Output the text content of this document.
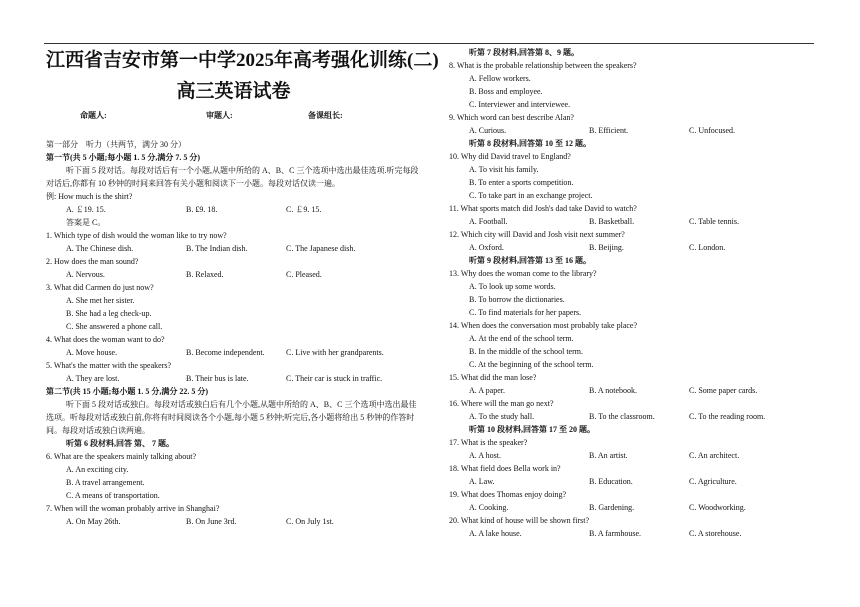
江西省吉安市第一中学2025年高考强化训练(二)
高三英语试卷
命题人:	审题人:	备课组长:
第一部分　听力（共两节，满分 30 分）
第一节(共 5 小题;每小题 1. 5 分,满分 7. 5 分)
听下面 5 段对话。每段对话后有一个小题,从题中所给的 A、B、C 三个选项中选出最佳选项.听完每段对话后,你都有 10 秒钟的时间来回答有关小题和阅读下一小题。每段对话仅读一遍。
例: How much is the shirt?
A. ￡19. 15.	B. ₤9. 18.	C. ￡9. 15.
答案是 C。
1. Which type of dish would the woman like to try now?
A. The Chinese dish.	B. The Indian dish.	C. The Japanese dish.
2. How does the man sound?
A. Nervous.	B. Relaxed.	C. Pleased.
3. What did Carmen do just now?
A. She met her sister.
B. She had a leg check-up.
C. She answered a phone call.
4. What does the woman want to do?
A. Move house.	B. Become independent.	C. Live with her grandparents.
5. What's the matter with the speakers?
A. They are lost.	B. Their bus is late.	C. Their car is stuck in traffic.
第二节(共 15 小题;每小题 1. 5 分,满分 22. 5 分)
听下面 5 段对话或独白。每段对话或独白后有几个小题,从题中所给的 A、B、C 三个选项中选出最佳选项。听每段对话或独白前,你将有时间阅读各个小题,每小题 5 秒钟;听完后,各小题将给出 5 秒钟的作答时间。每段对话或独白读两遍。
听第 6 段材料,回答 第、 7 题。
6. What are the speakers mainly talking about?
A. An exciting city.
B. A travel arrangement.
C. A means of transportation.
7. When will the woman probably arrive in Shanghai?
A. On May 26th.	B. On June 3rd.	C. On July 1st.
听第 7 段材料,回答第 8、9 题。
8. What is the probable relationship between the speakers?
A. Fellow workers.
B. Boss and employee.
C. Interviewer and interviewee.
9. Which word can best describe Alan?
A. Curious.	B. Efficient.	C. Unfocused.
听第 8 段材料,回答第 10 至 12 题。
10. Why did David travel to England?
A. To visit his family.
B. To enter a sports competition.
C. To take part in an exchange project.
11. What sports match did Josh's dad take David to watch?
A. Football.	B. Basketball.	C. Table tennis.
12. Which city will David and Josh visit next summer?
A. Oxford.	B. Beijing.	C. London.
听第 9 段材料,回答第 13 至 16 题。
13. Why does the woman come to the library?
A. To look up some words.
B. To borrow the dictionaries.
C. To find materials for her papers.
14. When does the conversation most probably take place?
A. At the end of the school term.
B. In the middle of the school term.
C. At the beginning of the school term.
15. What did the man lose?
A. A paper.	B. A notebook.	C. Some paper cards.
16. Where will the man go next?
A. To the study hall.	B. To the classroom.	C. To the reading room.
听第 10 段材料,回答第 17 至 20 题。
17. What is the speaker?
A. A host.	B. An artist.	C. An architect.
18. What field does Bella work in?
A. Law.	B. Education.	C. Agriculture.
19. What does Thomas enjoy doing?
A. Cooking.	B. Gardening.	C. Woodworking.
20. What kind of house will be shown first?
A. A lake house.	B. A farmhouse.	C. A storehouse.
